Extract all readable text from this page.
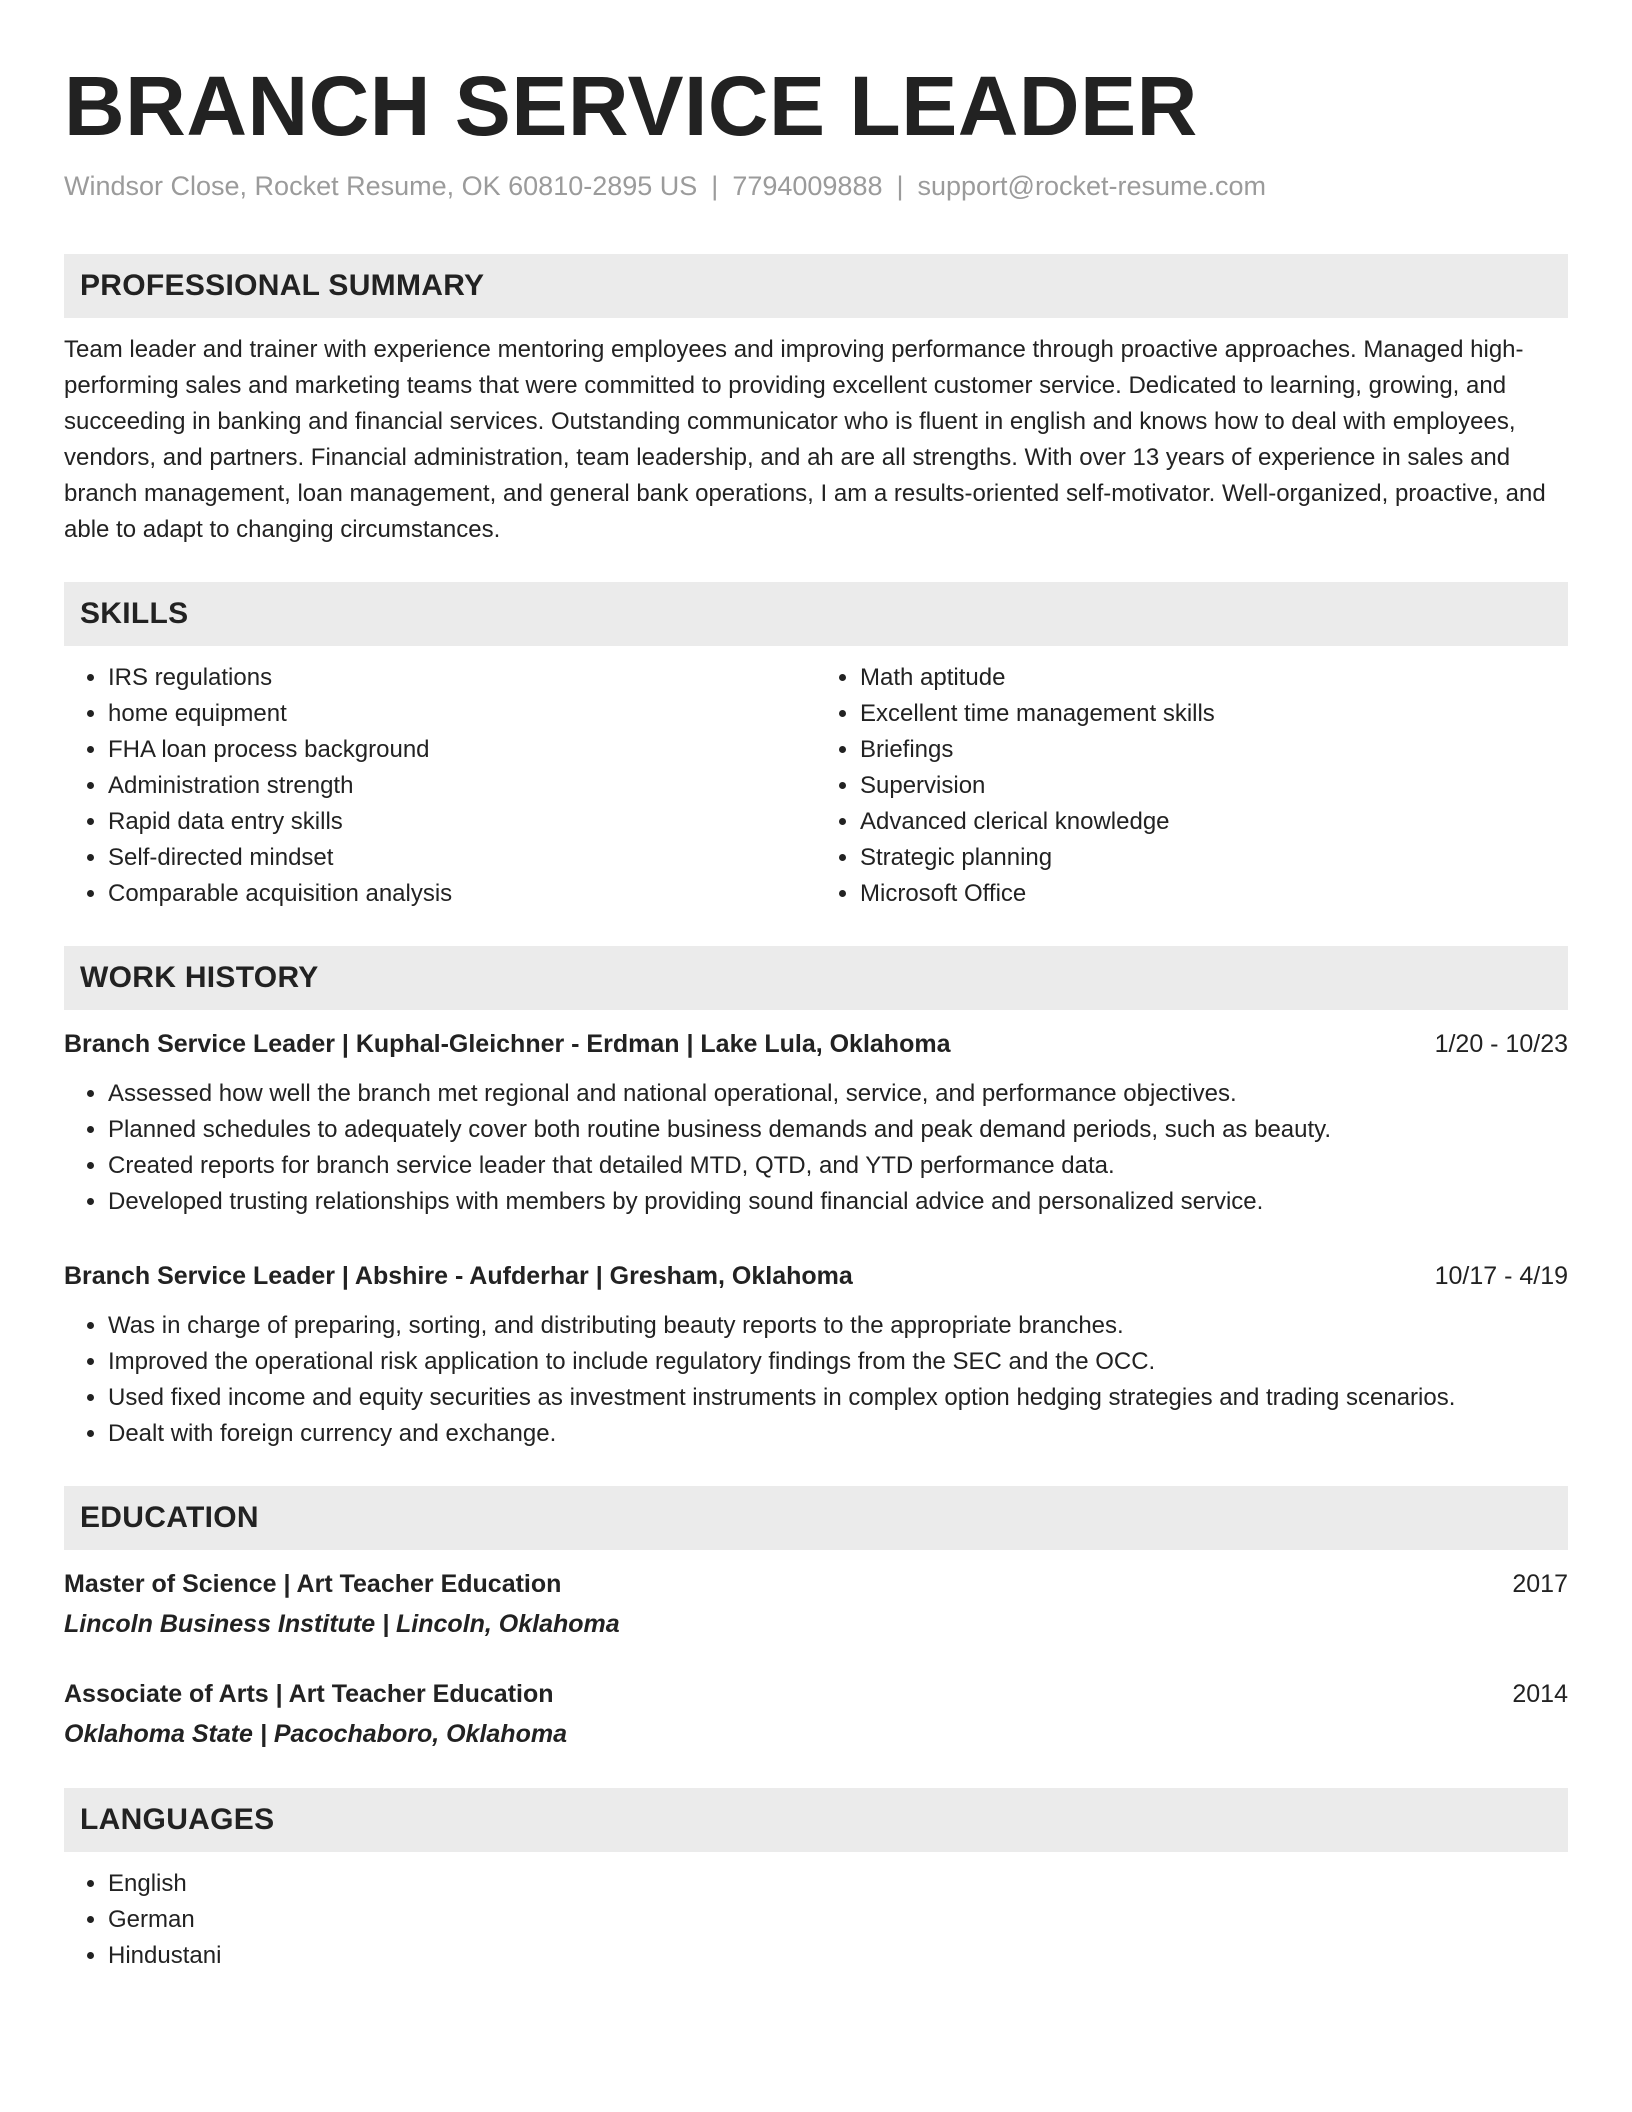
BRANCH SERVICE LEADER
Windsor Close, Rocket Resume, OK 60810-2895 US | 7794009888 | support@rocket-resume.com
PROFESSIONAL SUMMARY
Team leader and trainer with experience mentoring employees and improving performance through proactive approaches. Managed high-performing sales and marketing teams that were committed to providing excellent customer service. Dedicated to learning, growing, and succeeding in banking and financial services. Outstanding communicator who is fluent in english and knows how to deal with employees, vendors, and partners. Financial administration, team leadership, and ah are all strengths. With over 13 years of experience in sales and branch management, loan management, and general bank operations, I am a results-oriented self-motivator. Well-organized, proactive, and able to adapt to changing circumstances.
SKILLS
• IRS regulations
• home equipment
• FHA loan process background
• Administration strength
• Rapid data entry skills
• Self-directed mindset
• Comparable acquisition analysis
• Math aptitude
• Excellent time management skills
• Briefings
• Supervision
• Advanced clerical knowledge
• Strategic planning
• Microsoft Office
WORK HISTORY
Branch Service Leader | Kuphal-Gleichner - Erdman | Lake Lula, Oklahoma	1/20 - 10/23
• Assessed how well the branch met regional and national operational, service, and performance objectives.
• Planned schedules to adequately cover both routine business demands and peak demand periods, such as beauty.
• Created reports for branch service leader that detailed MTD, QTD, and YTD performance data.
• Developed trusting relationships with members by providing sound financial advice and personalized service.
Branch Service Leader | Abshire - Aufderhar | Gresham, Oklahoma	10/17 - 4/19
• Was in charge of preparing, sorting, and distributing beauty reports to the appropriate branches.
• Improved the operational risk application to include regulatory findings from the SEC and the OCC.
• Used fixed income and equity securities as investment instruments in complex option hedging strategies and trading scenarios.
• Dealt with foreign currency and exchange.
EDUCATION
Master of Science | Art Teacher Education	2017
Lincoln Business Institute | Lincoln, Oklahoma
Associate of Arts | Art Teacher Education	2014
Oklahoma State | Pacochaboro, Oklahoma
LANGUAGES
• English
• German
• Hindustani
